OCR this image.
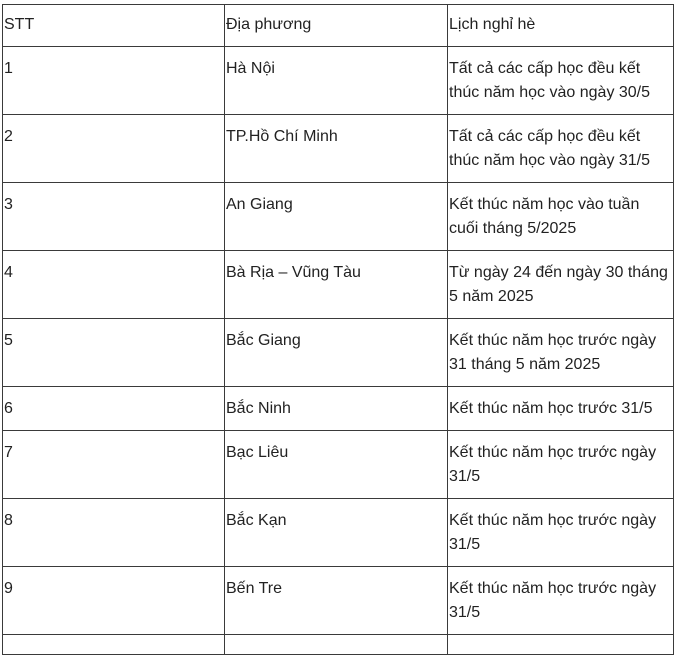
STT	Địa phương	Lịch nghỉ hè
1	Hà Nội	Tất cả các cấp học đều kết thúc năm học vào ngày 30/5
2	TP.Hồ Chí Minh	Tất cả các cấp học đều kết thúc năm học vào ngày 31/5
3	An Giang	Kết thúc năm học vào tuần cuối tháng 5/2025
4	Bà Rịa – Vũng Tàu	Từ ngày 24 đến ngày 30 tháng 5 năm 2025
5	Bắc Giang	Kết thúc năm học trước ngày 31 tháng 5 năm 2025
6	Bắc Ninh	Kết thúc năm học trước 31/5
7	Bạc Liêu	Kết thúc năm học trước ngày 31/5
8	Bắc Kạn	Kết thúc năm học trước ngày 31/5
9	Bến Tre	Kết thúc năm học trước ngày 31/5
